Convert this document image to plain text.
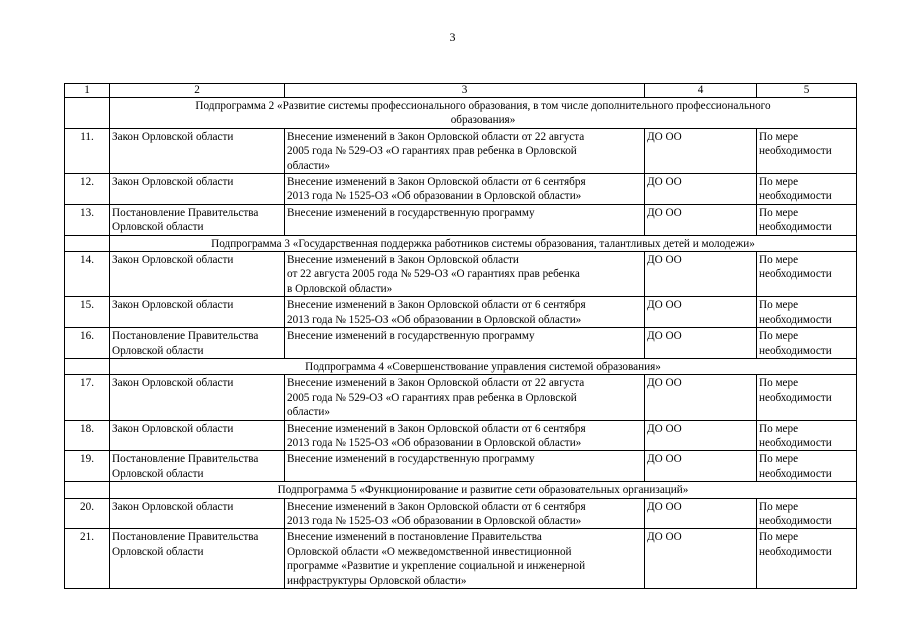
3
1	2	3	4	5

	Подпрограмма 2 «Развитие системы профессионального образования, в том числе дополнительного профессионального
образования»			

11.	Закон Орловской области	Внесение изменений в Закон Орловской области от 22 августа
2005 года № 529-ОЗ «О гарантиях прав ребенка в Орловской
области»	ДО ОО	По мере
необходимости

12.	Закон Орловской области	Внесение изменений в Закон Орловской области от 6 сентября
2013 года № 1525-ОЗ «Об образовании в Орловской области»	ДО ОО	По мере
необходимости

13.	Постановление Правительства
Орловской области	Внесение изменений в государственную программу	ДО ОО	По мере
необходимости

	Подпрограмма 3 «Государственная поддержка работников системы образования, талантливых детей и молодежи»			

14.	Закон Орловской области	Внесение изменений в Закон Орловской области
от 22 августа 2005 года № 529-ОЗ «О гарантиях прав ребенка
в Орловской области»	ДО ОО	По мере
необходимости

15.	Закон Орловской области	Внесение изменений в Закон Орловской области от 6 сентября
2013 года № 1525-ОЗ «Об образовании в Орловской области»	ДО ОО	По мере
необходимости

16.	Постановление Правительства
Орловской области	Внесение изменений в государственную программу	ДО ОО	По мере
необходимости

	Подпрограмма 4 «Совершенствование управления системой образования»			

17.	Закон Орловской области	Внесение изменений в Закон Орловской области от 22 августа
2005 года № 529-ОЗ «О гарантиях прав ребенка в Орловской
области»	ДО ОО	По мере
необходимости

18.	Закон Орловской области	Внесение изменений в Закон Орловской области от 6 сентября
2013 года № 1525-ОЗ «Об образовании в Орловской области»	ДО ОО	По мере
необходимости

19.	Постановление Правительства
Орловской области	Внесение изменений в государственную программу	ДО ОО	По мере
необходимости

	Подпрограмма 5 «Функционирование и развитие сети образовательных организаций»			

20.	Закон Орловской области	Внесение изменений в Закон Орловской области от 6 сентября
2013 года № 1525-ОЗ «Об образовании в Орловской области»	ДО ОО	По мере
необходимости

21.	Постановление Правительства
Орловской области	Внесение изменений в постановление Правительства
Орловской области «О межведомственной инвестиционной
программе «Развитие и укрепление социальной и инженерной
инфраструктуры Орловской области»	ДО ОО	По мере
необходимости
